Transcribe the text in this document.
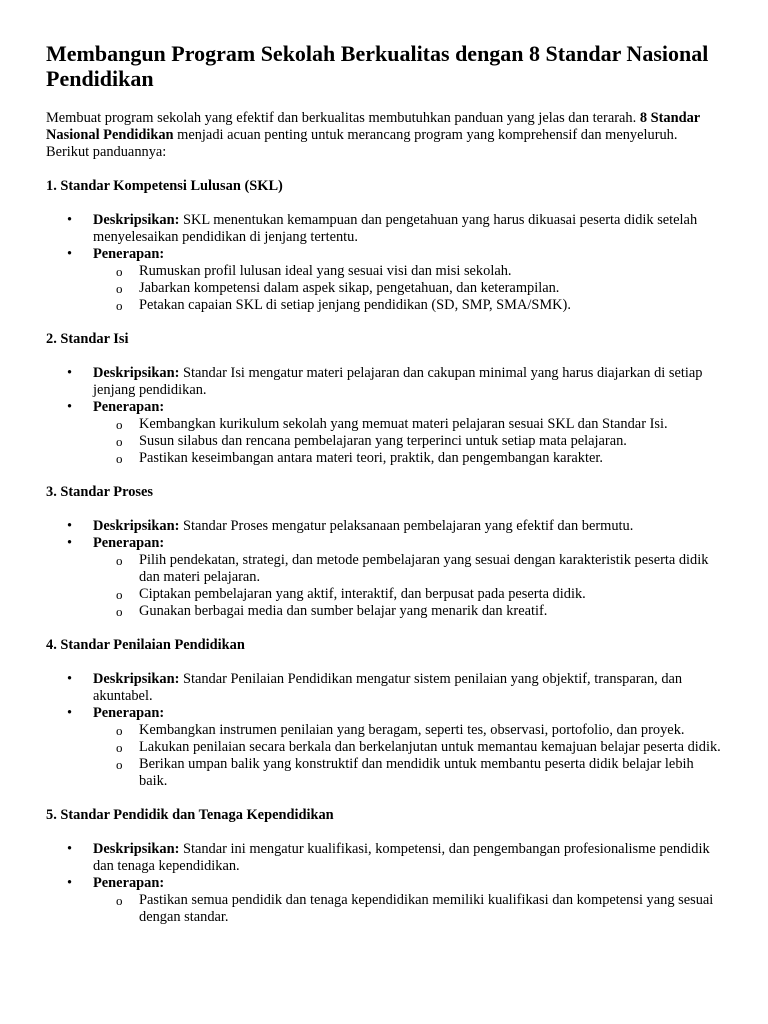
Membangun Program Sekolah Berkualitas dengan 8 Standar Nasional Pendidikan

Membuat program sekolah yang efektif dan berkualitas membutuhkan panduan yang jelas dan terarah. 8 Standar Nasional Pendidikan menjadi acuan penting untuk merancang program yang komprehensif dan menyeluruh. Berikut panduannya:

1. Standar Kompetensi Lulusan (SKL)
•	Deskripsikan: SKL menentukan kemampuan dan pengetahuan yang harus dikuasai peserta didik setelah menyelesaikan pendidikan di jenjang tertentu.
•	Penerapan:
o Rumuskan profil lulusan ideal yang sesuai visi dan misi sekolah.
o Jabarkan kompetensi dalam aspek sikap, pengetahuan, dan keterampilan.
o Petakan capaian SKL di setiap jenjang pendidikan (SD, SMP, SMA/SMK).
2. Standar Isi
•	Deskripsikan: Standar Isi mengatur materi pelajaran dan cakupan minimal yang harus diajarkan di setiap jenjang pendidikan.
•	Penerapan:
o Kembangkan kurikulum sekolah yang memuat materi pelajaran sesuai SKL dan Standar Isi.
o Susun silabus dan rencana pembelajaran yang terperinci untuk setiap mata pelajaran.
o Pastikan keseimbangan antara materi teori, praktik, dan pengembangan karakter.
3. Standar Proses
•	Deskripsikan: Standar Proses mengatur pelaksanaan pembelajaran yang efektif dan bermutu.
•	Penerapan:
o Pilih pendekatan, strategi, dan metode pembelajaran yang sesuai dengan karakteristik peserta didik dan materi pelajaran.
o Ciptakan pembelajaran yang aktif, interaktif, dan berpusat pada peserta didik.
o Gunakan berbagai media dan sumber belajar yang menarik dan kreatif.
4. Standar Penilaian Pendidikan
•	Deskripsikan: Standar Penilaian Pendidikan mengatur sistem penilaian yang objektif, transparan, dan akuntabel.
•	Penerapan:
o Kembangkan instrumen penilaian yang beragam, seperti tes, observasi, portofolio, dan proyek.
o Lakukan penilaian secara berkala dan berkelanjutan untuk memantau kemajuan belajar peserta didik.
o Berikan umpan balik yang konstruktif dan mendidik untuk membantu peserta didik belajar lebih baik.
5. Standar Pendidik dan Tenaga Kependidikan
•	Deskripsikan: Standar ini mengatur kualifikasi, kompetensi, dan pengembangan profesionalisme pendidik dan tenaga kependidikan.
•	Penerapan:
o Pastikan semua pendidik dan tenaga kependidikan memiliki kualifikasi dan kompetensi yang sesuai dengan standar.
